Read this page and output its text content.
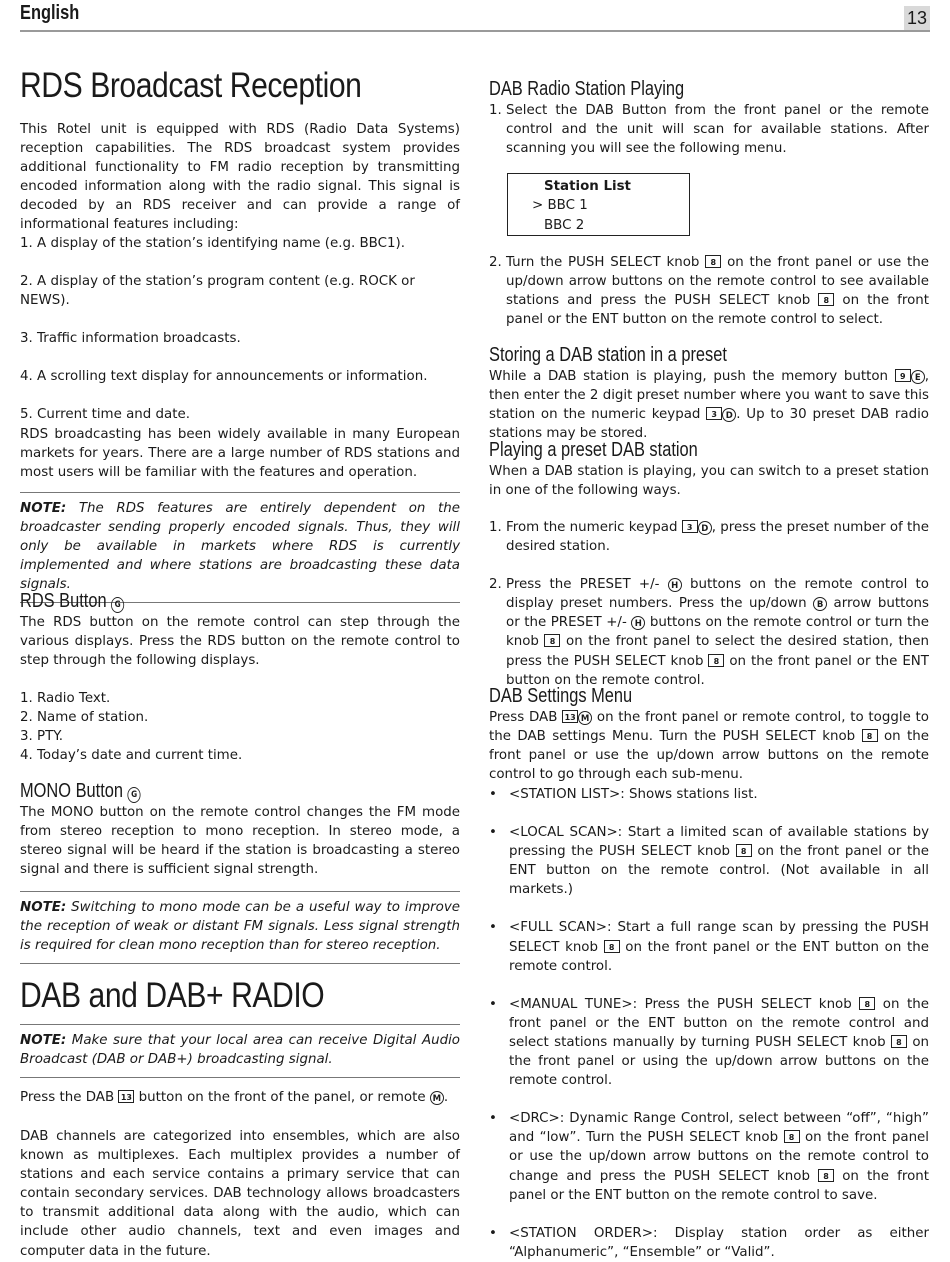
English	13
RDS Broadcast Reception

This Rotel unit is equipped with RDS (Radio Data Systems) reception capabilities. The RDS broadcast system provides additional functionality to FM radio reception by transmitting encoded information along with the radio signal. This signal is decoded by an RDS receiver and can provide a range of informational features including:

1. A display of the station’s identifying name (e.g. BBC1).
2. A display of the station’s program content (e.g. ROCK or NEWS).
3. Traffic information broadcasts.
4. A scrolling text display for announcements or information.
5. Current time and date.

RDS broadcasting has been widely available in many European markets for years. There are a large number of RDS stations and most users will be familiar with the features and operation.

NOTE: The RDS features are entirely dependent on the broadcaster sending properly encoded signals. Thus, they will only be available in markets where RDS is currently implemented and where stations are broadcasting these data signals.
RDS Button G

The RDS button on the remote control can step through the various displays. Press the RDS button on the remote control to step through the following displays.

1. Radio Text.
2. Name of station.
3. PTY.
4. Today’s date and current time.
MONO Button G

The MONO button on the remote control changes the FM mode from stereo reception to mono reception. In stereo mode, a stereo signal will be heard if the station is broadcasting a stereo signal and there is sufficient signal strength.

NOTE: Switching to mono mode can be a useful way to improve the reception of weak or distant FM signals. Less signal strength is required for clean mono reception than for stereo reception.
DAB and DAB+ RADIO
NOTE: Make sure that your local area can receive Digital Audio Broadcast (DAB or DAB+) broadcasting signal.

Press the DAB 13 button on the front of the panel, or remote M .

DAB channels are categorized into ensembles, which are also known as multiplexes. Each multiplex provides a number of stations and each service contains a primary service that can contain secondary services. DAB technology allows broadcasters to transmit additional data along with the audio, which can include other audio channels, text and even images and computer data in the future.

DAB Radio Station Playing
1. Select the DAB Button from the front panel or the remote control and the unit will scan for available stations. After scanning you will see the following menu.
Station List
> BBC 1
BBC 2
2. Turn the PUSH SELECT knob 8 on the front panel or use the up/down arrow buttons on the remote control to see available stations and press the PUSH SELECT knob 8 on the front panel or the ENT button on the remote control to select.
Storing a DAB station in a preset

While a DAB station is playing, push the memory button 9 E , then enter the 2 digit preset number where you want to save this station on the numeric keypad 3 D . Up to 30 preset DAB radio stations may be stored.

Playing a preset DAB station

When a DAB station is playing, you can switch to a preset station in one of the following ways.

1. From the numeric keypad 3 D , press the preset number of the desired station.
2. Press the PRESET +/- H buttons on the remote control to display preset numbers. Press the up/down B arrow buttons or the PRESET +/- H buttons on the remote control or turn the knob 8 on the front panel to select the desired station, then press the PUSH SELECT knob 8 on the front panel or the ENT button on the remote control.
DAB Settings Menu

Press DAB 13 M on the front panel or remote control, to toggle to the DAB settings Menu. Turn the PUSH SELECT knob 8 on the front panel or use the up/down arrow buttons on the remote control to go through each sub-menu.

• <STATION LIST>: Shows stations list.
• <LOCAL SCAN>: Start a limited scan of available stations by pressing the PUSH SELECT knob 8 on the front panel or the ENT button on the remote control. (Not available in all markets.)
• <FULL SCAN>: Start a full range scan by pressing the PUSH SELECT knob 8 on the front panel or the ENT button on the remote control.
• <MANUAL TUNE>: Press the PUSH SELECT knob 8 on the front panel or the ENT button on the remote control and select stations manually by turning PUSH SELECT knob 8 on the front panel or using the up/down arrow buttons on the remote control.
• <DRC>: Dynamic Range Control, select between “off”, “high” and “low”. Turn the PUSH SELECT knob 8 on the front panel or use the up/down arrow buttons on the remote control to change and press the PUSH SELECT knob 8 on the front panel or the ENT button on the remote control to save.
• <STATION ORDER>: Display station order as either “Alphanumeric”, “Ensemble” or “Valid”.
